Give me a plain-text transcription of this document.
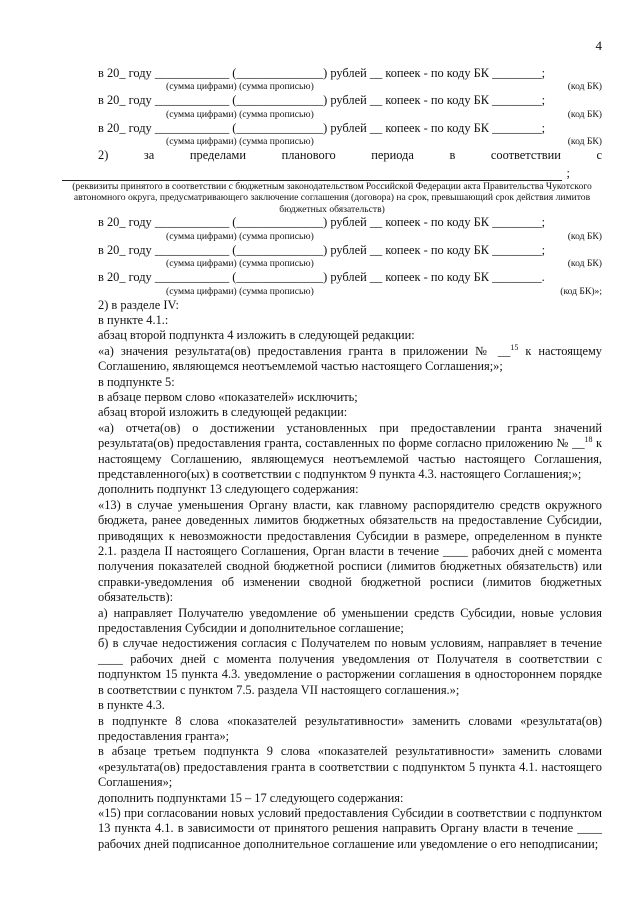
4
в 20_ году ____________ (______________) рублей __ копеек - по коду БК ________;
(сумма цифрами) (сумма прописью)	(код БК)
в 20_ году ____________ (______________) рублей __ копеек - по коду БК ________;
(сумма цифрами) (сумма прописью)	(код БК)
в 20_ году ____________ (______________) рублей __ копеек - по коду БК ________;
(сумма цифрами) (сумма прописью)	(код БК)

2) за пределами планового периода в соответствии с

;

(реквизиты принятого в соответствии с бюджетным законодательством Российской Федерации акта Правительства Чукотского автономного округа, предусматривающего заключение соглашения (договора) на срок, превышающий срок действия лимитов бюджетных обязательств)

в 20_ году ____________ (______________) рублей __ копеек - по коду БК ________;
(сумма цифрами) (сумма прописью)	(код БК)
в 20_ году ____________ (______________) рублей __ копеек - по коду БК ________;
(сумма цифрами) (сумма прописью)	(код БК)
в 20_ году ____________ (______________) рублей __ копеек - по коду БК ________.
(сумма цифрами) (сумма прописью)	(код БК)»;

2) в разделе IV:

в пункте 4.1.:

абзац второй подпункта 4 изложить в следующей редакции:

«а) значения результата(ов) предоставления гранта в приложении № __$^{15}$ к настоящему Соглашению, являющемся неотъемлемой частью настоящего Соглашения;»;

в подпункте 5:

в абзаце первом слово «показателей» исключить;

абзац второй изложить в следующей редакции:

«а) отчета(ов) о достижении установленных при предоставлении гранта значений результата(ов) предоставления гранта, составленных по форме согласно приложению № __$^{18}$ к настоящему Соглашению, являющемуся неотъемлемой частью настоящего Соглашения, представленного(ых) в соответствии с подпунктом 9 пункта 4.3. настоящего Соглашения;»;

дополнить подпункт 13 следующего содержания:

«13) в случае уменьшения Органу власти, как главному распорядителю средств окружного бюджета, ранее доведенных лимитов бюджетных обязательств на предоставление Субсидии, приводящих к невозможности предоставления Субсидии в размере, определенном в пункте 2.1. раздела II настоящего Соглашения, Орган власти в течение ____ рабочих дней с момента получения показателей сводной бюджетной росписи (лимитов бюджетных обязательств) или справки-уведомления об изменении сводной бюджетной росписи (лимитов бюджетных обязательств):

а) направляет Получателю уведомление об уменьшении средств Субсидии, новые условия предоставления Субсидии и дополнительное соглашение;

б) в случае недостижения согласия с Получателем по новым условиям, направляет в течение ____ рабочих дней с момента получения уведомления от Получателя в соответствии с подпунктом 15 пункта 4.3. уведомление о расторжении соглашения в одностороннем порядке в соответствии с пунктом 7.5. раздела VII настоящего соглашения.»;

в пункте 4.3.

в подпункте 8 слова «показателей результативности» заменить словами «результата(ов) предоставления гранта»;

в абзаце третьем подпункта 9 слова «показателей результативности» заменить словами «результата(ов) предоставления гранта в соответствии с подпунктом 5 пункта 4.1. настоящего Соглашения»;

дополнить подпунктами 15 – 17 следующего содержания:

«15) при согласовании новых условий предоставления Субсидии в соответствии с подпунктом 13 пункта 4.1. в зависимости от принятого решения направить Органу власти в течение ____ рабочих дней подписанное дополнительное соглашение или уведомление о его неподписании;
